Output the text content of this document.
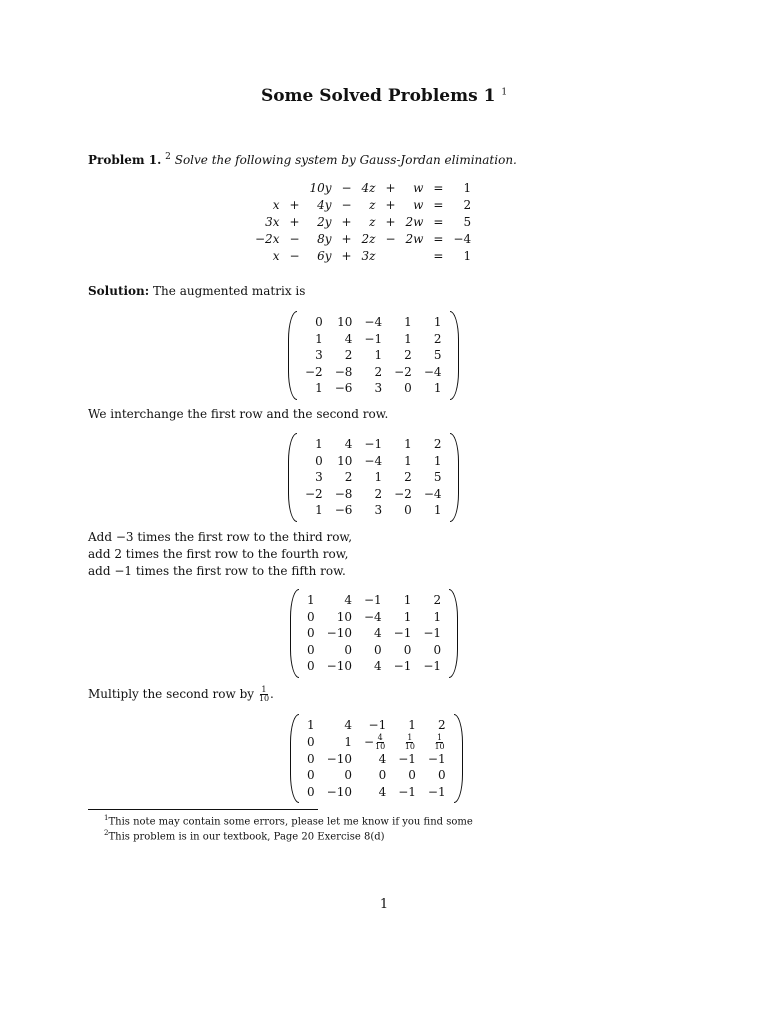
Some Solved Problems 1 $^1$
Problem 1. $^2$ Solve the following system by Gauss-Jordan elimination.
		10y	−	4z	+	w	=	1
x	+	4y	−	z	+	w	=	2
3x	+	2y	+	z	+	2w	=	5
−2x	−	8y	+	2z	−	2w	=	−4
x	−	6y	+	3z			=	1
Solution: The augmented matrix is
0	10	−4	1	1
1	4	−1	1	2
3	2	1	2	5
−2	−8	2	−2	−4
1	−6	3	0	1
We interchange the first row and the second row.
1	4	−1	1	2
0	10	−4	1	1
3	2	1	2	5
−2	−8	2	−2	−4
1	−6	3	0	1
Add −3 times the first row to the third row,
add 2 times the first row to the fourth row,
add −1 times the first row to the fifth row.
1	4	−1	1	2
0	10	−4	1	1
0	−10	4	−1	−1
0	0	0	0	0
0	−10	4	−1	−1
Multiply the second row by $\frac{1}{10}$ .
1	4	−1	1	2
0	1	− $\frac{4}{10}$	$\frac{1}{10}$	$\frac{1}{10}$

0	−10	4	−1	−1
0	0	0	0	0
0	−10	4	−1	−1
$^1$This note may contain some errors, please let me know if you find some
$^2$This problem is in our textbook, Page 20 Exercise 8(d)
1
